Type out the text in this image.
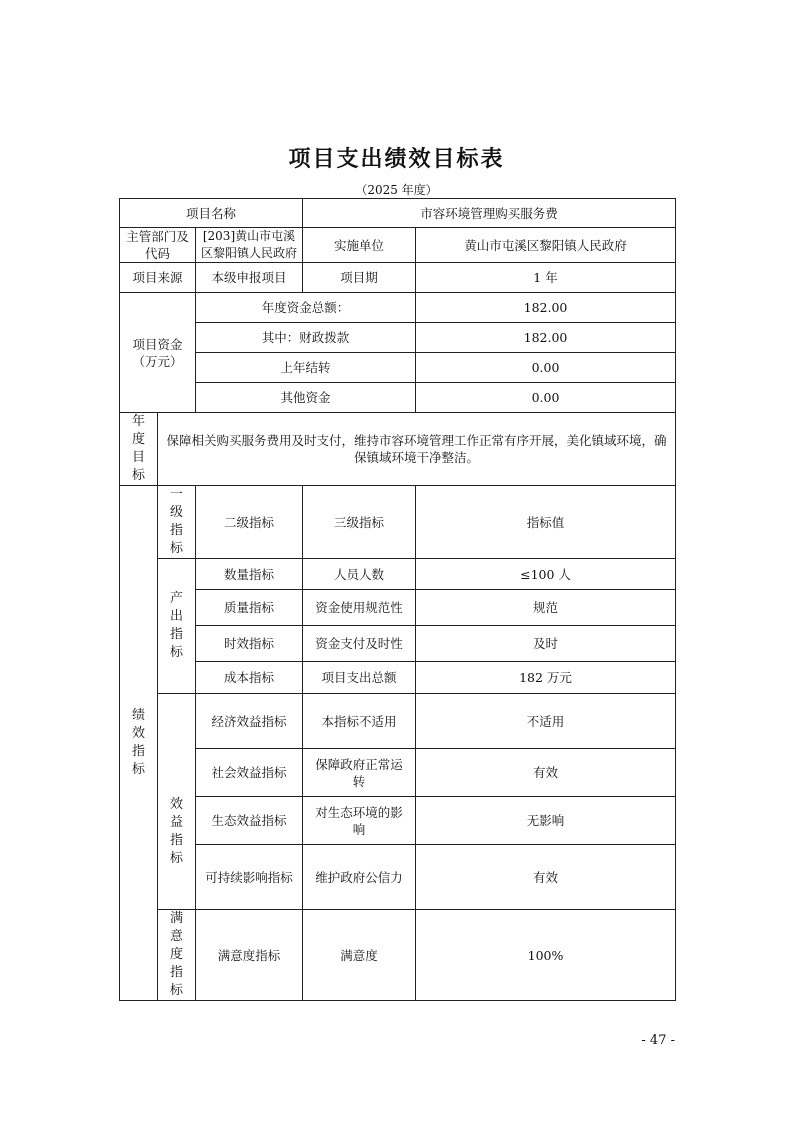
项目支出绩效目标表
（2025 年度）
项目名称			市容环境管理购买服务费	
主管部门及代码		[203]黄山市屯溪区黎阳镇人民政府	实施单位	黄山市屯溪区黎阳镇人民政府
项目来源		本级申报项目	项目期	1 年
项目资金
（万元）		年度资金总额：		182.00
		其中：财政拨款		182.00
		上年结转		0.00
		其他资金		0.00

年度目标	保障相关购买服务费用及时支付，维持市容环境管理工作正常有序开展，美化镇域环境，确保镇域环境干净整洁。			

绩效指标	一级指标	二级指标	三级指标	指标值

	产出指标	数量指标	人员人数	≤100 人
		质量指标	资金使用规范性	规范
		时效指标	资金支付及时性	及时
		成本指标	项目支出总额	182 万元

	效益指标	经济效益指标	本指标不适用	不适用
		社会效益指标	保障政府正常运转	有效
		生态效益指标	对生态环境的影响	无影响
		可持续影响指标	维护政府公信力	有效

	满意度指标	满意度指标	满意度	100%
- 47 -
